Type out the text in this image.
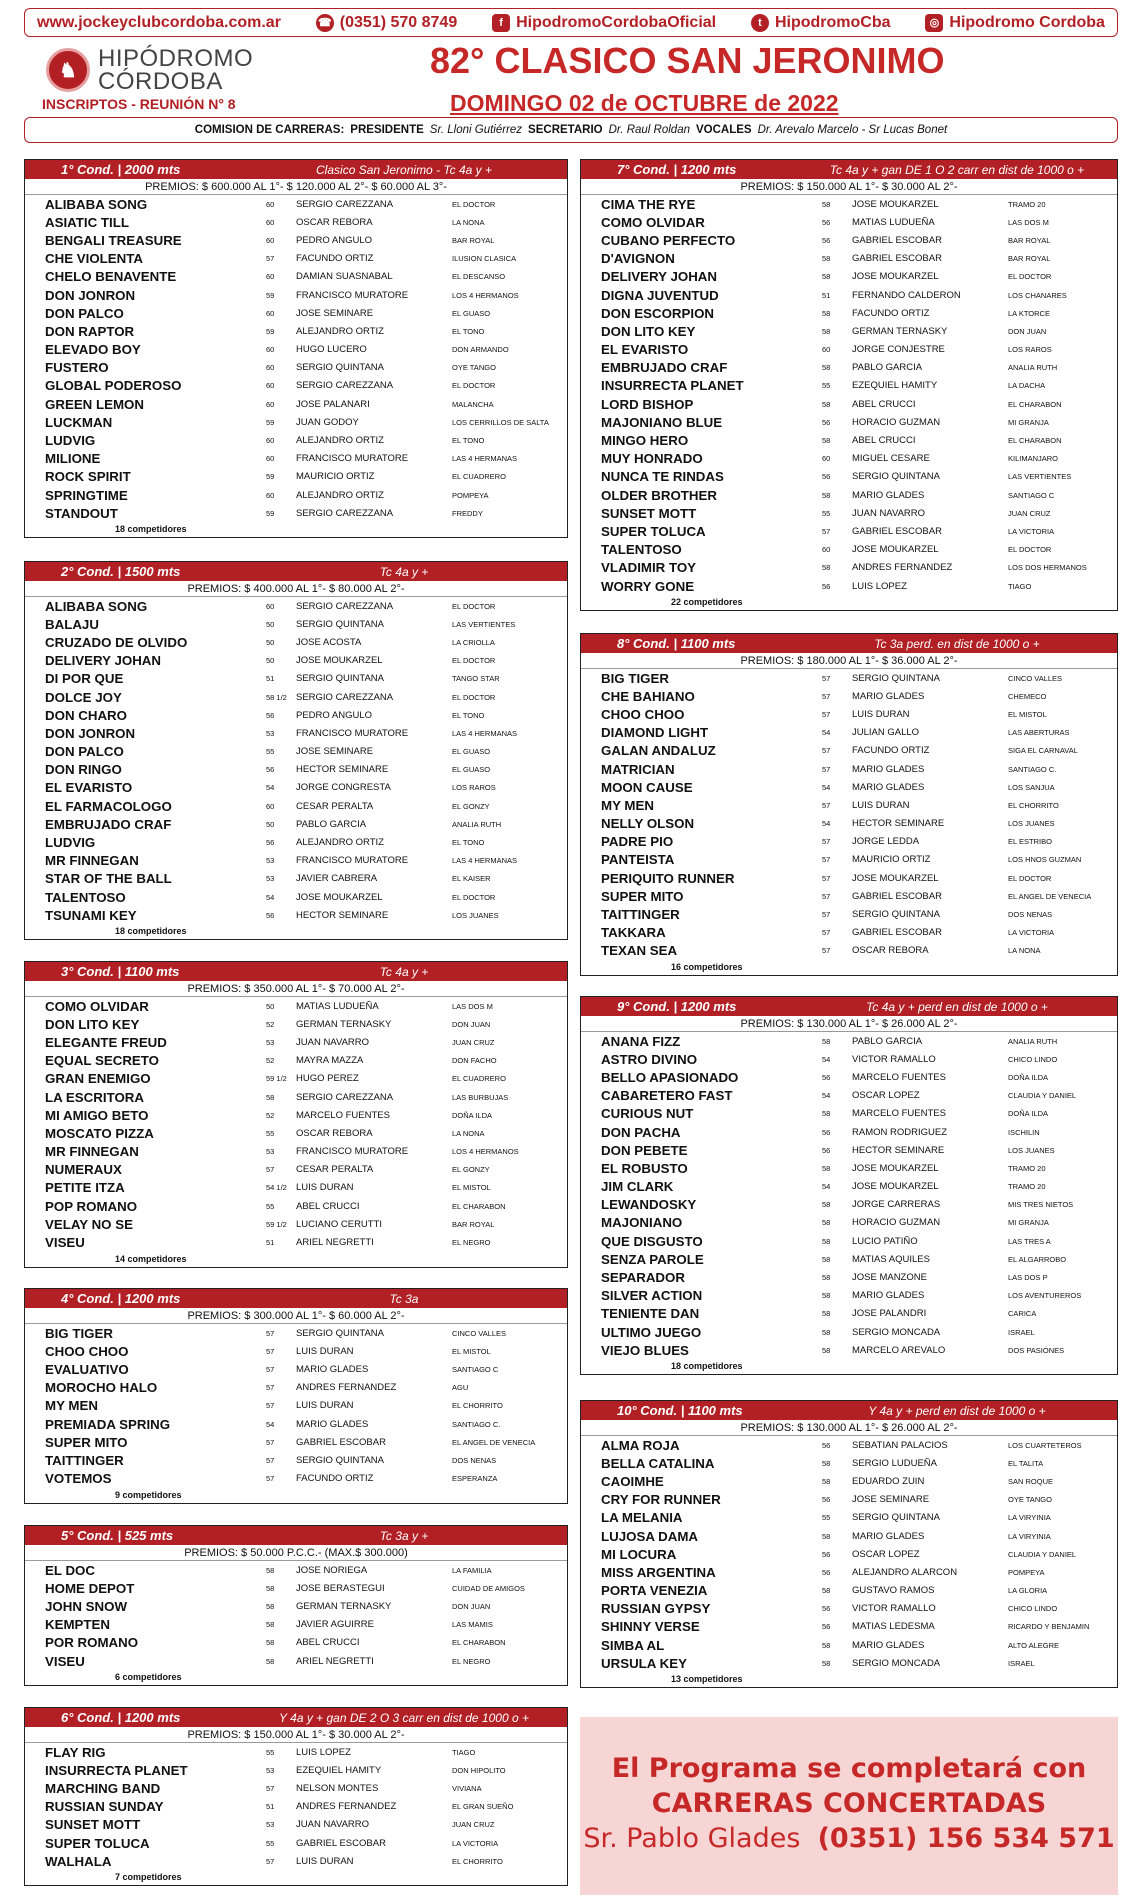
www.jockeyclubcordoba.com.ar	☎ (0351) 570 8749	f HipodromoCordobaOficial	t HipodromoCba	◎ Hipodromo Cordoba
♞ HIPÓDROMO
CÓRDOBA
INSCRIPTOS - REUNIÓN N° 8
82° CLASICO SAN JERONIMO
DOMINGO 02 de OCTUBRE de 2022
COMISION DE CARRERAS: PRESIDENTE Sr. Lloni Gutiérrez SECRETARIO Dr. Raul Roldan VOCALES Dr. Arevalo Marcelo - Sr Lucas Bonet
1° Cond. | 2000 mts	Clasico San Jeronimo - Tc 4a y +
PREMIOS: $ 600.000 AL 1°- $ 120.000 AL 2°- $ 60.000 AL 3°-
ALIBABA SONG	60	SERGIO CAREZZANA	EL DOCTOR
ASIATIC TILL	60	OSCAR REBORA	LA NONA
BENGALI TREASURE	60	PEDRO ANGULO	BAR ROYAL
CHE VIOLENTA	57	FACUNDO ORTIZ	ILUSION CLASICA
CHELO BENAVENTE	60	DAMIAN SUASNABAL	EL DESCANSO
DON JONRON	59	FRANCISCO MURATORE	LOS 4 HERMANOS
DON PALCO	60	JOSE SEMINARE	EL GUASO
DON RAPTOR	59	ALEJANDRO ORTIZ	EL TONO
ELEVADO BOY	60	HUGO LUCERO	DON ARMANDO
FUSTERO	60	SERGIO QUINTANA	OYE TANGO
GLOBAL PODEROSO	60	SERGIO CAREZZANA	EL DOCTOR
GREEN LEMON	60	JOSE PALANARI	MALANCHA
LUCKMAN	59	JUAN GODOY	LOS CERRILLOS DE SALTA
LUDVIG	60	ALEJANDRO ORTIZ	EL TONO
MILIONE	60	FRANCISCO MURATORE	LAS 4 HERMANAS
ROCK SPIRIT	59	MAURICIO ORTIZ	EL CUADRERO
SPRINGTIME	60	ALEJANDRO ORTIZ	POMPEYA
STANDOUT	59	SERGIO CAREZZANA	FREDDY
18 competidores
2° Cond. | 1500 mts	Tc 4a y +
PREMIOS: $ 400.000 AL 1°- $ 80.000 AL 2°-
ALIBABA SONG	60	SERGIO CAREZZANA	EL DOCTOR
BALAJU	50	SERGIO QUINTANA	LAS VERTIENTES
CRUZADO DE OLVIDO	50	JOSE ACOSTA	LA CRIOLLA
DELIVERY JOHAN	50	JOSE MOUKARZEL	EL DOCTOR
DI POR QUE	51	SERGIO QUINTANA	TANGO STAR
DOLCE JOY	58 1/2 SERGIO CAREZZANA	EL DOCTOR
DON CHARO	56	PEDRO ANGULO	EL TONO
DON JONRON	53	FRANCISCO MURATORE	LAS 4 HERMANAS
DON PALCO	55	JOSE SEMINARE	EL GUASO
DON RINGO	56	HECTOR SEMINARE	EL GUASO
EL EVARISTO	54	JORGE CONGRESTA	LOS RAROS
EL FARMACOLOGO	60	CESAR PERALTA	EL GONZY
EMBRUJADO CRAF	50	PABLO GARCIA	ANALIA RUTH
LUDVIG	56	ALEJANDRO ORTIZ	EL TONO
MR FINNEGAN	53	FRANCISCO MURATORE	LAS 4 HERMANAS
STAR OF THE BALL	53	JAVIER CABRERA	EL KAISER
TALENTOSO	54	JOSE MOUKARZEL	EL DOCTOR
TSUNAMI KEY	56	HECTOR SEMINARE	LOS JUANES
18 competidores
3° Cond. | 1100 mts	Tc 4a y +
PREMIOS: $ 350.000 AL 1°- $ 70.000 AL 2°-
COMO OLVIDAR	50	MATIAS LUDUEÑA	LAS DOS M
DON LITO KEY	52	GERMAN TERNASKY	DON JUAN
ELEGANTE FREUD	53	JUAN NAVARRO	JUAN CRUZ
EQUAL SECRETO	52	MAYRA MAZZA	DON FACHO
GRAN ENEMIGO	59 1/2 HUGO PEREZ	EL CUADRERO
LA ESCRITORA	58	SERGIO CAREZZANA	LAS BURBUJAS
MI AMIGO BETO	52	MARCELO FUENTES	DOÑA ILDA
MOSCATO PIZZA	55	OSCAR REBORA	LA NONA
MR FINNEGAN	53	FRANCISCO MURATORE	LOS 4 HERMANOS
NUMERAUX	57	CESAR PERALTA	EL GONZY
PETITE ITZA	54 1/2 LUIS DURAN	EL MISTOL
POP ROMANO	55	ABEL CRUCCI	EL CHARABON
VELAY NO SE	59 1/2 LUCIANO CERUTTI	BAR ROYAL
VISEU	51	ARIEL NEGRETTI	EL NEGRO
14 competidores
4° Cond. | 1200 mts	Tc 3a
PREMIOS: $ 300.000 AL 1°- $ 60.000 AL 2°-
BIG TIGER	57	SERGIO QUINTANA	CINCO VALLES
CHOO CHOO	57	LUIS DURAN	EL MISTOL
EVALUATIVO	57	MARIO GLADES	SANTIAGO C
MOROCHO HALO	57	ANDRES FERNANDEZ	AGU
MY MEN	57	LUIS DURAN	EL CHORRITO
PREMIADA SPRING	54	MARIO GLADES	SANTIAGO C.
SUPER MITO	57	GABRIEL ESCOBAR	EL ANGEL DE VENECIA
TAITTINGER	57	SERGIO QUINTANA	DOS NENAS
VOTEMOS	57	FACUNDO ORTIZ	ESPERANZA
9 competidores
5° Cond. | 525 mts	Tc 3a y +
PREMIOS: $ 50.000 P.C.C.- (MAX.$ 300.000)
EL DOC	58	JOSE NORIEGA	LA FAMILIA
HOME DEPOT	58	JOSE BERASTEGUI	CUIDAD DE AMIGOS
JOHN SNOW	58	GERMAN TERNASKY	DON JUAN
KEMPTEN	58	JAVIER AGUIRRE	LAS MAMIS
POR ROMANO	58	ABEL CRUCCI	EL CHARABON
VISEU	58	ARIEL NEGRETTI	EL NEGRO
6 competidores
6° Cond. | 1200 mts	Y 4a y + gan DE 2 O 3 carr en dist de 1000 o +
PREMIOS: $ 150.000 AL 1°- $ 30.000 AL 2°-
FLAY RIG	55	LUIS LOPEZ	TIAGO
INSURRECTA PLANET	53	EZEQUIEL HAMITY	DON HIPOLITO
MARCHING BAND	57	NELSON MONTES	VIVIANA
RUSSIAN SUNDAY	51	ANDRES FERNANDEZ	EL GRAN SUEÑO
SUNSET MOTT	53	JUAN NAVARRO	JUAN CRUZ
SUPER TOLUCA	55	GABRIEL ESCOBAR	LA VICTORIA
WALHALA	57	LUIS DURAN	EL CHORRITO
7 competidores
7° Cond. | 1200 mts	Tc 4a y + gan DE 1 O 2 carr en dist de 1000 o +
PREMIOS: $ 150.000 AL 1°- $ 30.000 AL 2°-
CIMA THE RYE	58	JOSE MOUKARZEL	TRAMO 20
COMO OLVIDAR	56	MATIAS LUDUEÑA	LAS DOS M
CUBANO PERFECTO	56	GABRIEL ESCOBAR	BAR ROYAL
D'AVIGNON	58	GABRIEL ESCOBAR	BAR ROYAL
DELIVERY JOHAN	58	JOSE MOUKARZEL	EL DOCTOR
DIGNA JUVENTUD	51	FERNANDO CALDERON	LOS CHANARES
DON ESCORPION	58	FACUNDO ORTIZ	LA KTORCE
DON LITO KEY	58	GERMAN TERNASKY	DON JUAN
EL EVARISTO	60	JORGE CONJESTRE	LOS RAROS
EMBRUJADO CRAF	58	PABLO GARCIA	ANALIA RUTH
INSURRECTA PLANET	55	EZEQUIEL HAMITY	LA DACHA
LORD BISHOP	58	ABEL CRUCCI	EL CHARABON
MAJONIANO BLUE	56	HORACIO GUZMAN	MI GRANJA
MINGO HERO	58	ABEL CRUCCI	EL CHARABON
MUY HONRADO	60	MIGUEL CESARE	KILIMANJARO
NUNCA TE RINDAS	56	SERGIO QUINTANA	LAS VERTIENTES
OLDER BROTHER	58	MARIO GLADES	SANTIAGO C
SUNSET MOTT	55	JUAN NAVARRO	JUAN CRUZ
SUPER TOLUCA	57	GABRIEL ESCOBAR	LA VICTORIA
TALENTOSO	60	JOSE MOUKARZEL	EL DOCTOR
VLADIMIR TOY	58	ANDRES FERNANDEZ	LOS DOS HERMANOS
WORRY GONE	56	LUIS LOPEZ	TIAGO
22 competidores
8° Cond. | 1100 mts	Tc 3a perd. en dist de 1000 o +
PREMIOS: $ 180.000 AL 1°- $ 36.000 AL 2°-
BIG TIGER	57	SERGIO QUINTANA	CINCO VALLES
CHE BAHIANO	57	MARIO GLADES	CHEMECO
CHOO CHOO	57	LUIS DURAN	EL MISTOL
DIAMOND LIGHT	54	JULIAN GALLO	LAS ABERTURAS
GALAN ANDALUZ	57	FACUNDO ORTIZ	SIGA EL CARNAVAL
MATRICIAN	57	MARIO GLADES	SANTIAGO C.
MOON CAUSE	54	MARIO GLADES	LOS SANJUA
MY MEN	57	LUIS DURAN	EL CHORRITO
NELLY OLSON	54	HECTOR SEMINARE	LOS JUANES
PADRE PIO	57	JORGE LEDDA	EL ESTRIBO
PANTEISTA	57	MAURICIO ORTIZ	LOS HNOS GUZMAN
PERIQUITO RUNNER	57	JOSE MOUKARZEL	EL DOCTOR
SUPER MITO	57	GABRIEL ESCOBAR	EL ANGEL DE VENECIA
TAITTINGER	57	SERGIO QUINTANA	DOS NENAS
TAKKARA	57	GABRIEL ESCOBAR	LA VICTORIA
TEXAN SEA	57	OSCAR REBORA	LA NONA
16 competidores
9° Cond. | 1200 mts	Tc 4a y + perd en dist de 1000 o +
PREMIOS: $ 130.000 AL 1°- $ 26.000 AL 2°-
ANANA FIZZ	58	PABLO GARCIA	ANALIA RUTH
ASTRO DIVINO	54	VICTOR RAMALLO	CHICO LINDO
BELLO APASIONADO	56	MARCELO FUENTES	DOÑA ILDA
CABARETERO FAST	54	OSCAR LOPEZ	CLAUDIA Y DANIEL
CURIOUS NUT	58	MARCELO FUENTES	DOÑA ILDA
DON PACHA	56	RAMON RODRIGUEZ	ISCHILIN
DON PEBETE	56	HECTOR SEMINARE	LOS JUANES
EL ROBUSTO	58	JOSE MOUKARZEL	TRAMO 20
JIM CLARK	54	JOSE MOUKARZEL	TRAMO 20
LEWANDOSKY	58	JORGE CARRERAS	MIS TRES NIETOS
MAJONIANO	58	HORACIO GUZMAN	MI GRANJA
QUE DISGUSTO	58	LUCIO PATIÑO	LAS TRES A
SENZA PAROLE	58	MATIAS AQUILES	EL ALGARROBO
SEPARADOR	58	JOSE MANZONE	LAS DOS P
SILVER ACTION	58	MARIO GLADES	LOS AVENTUREROS
TENIENTE DAN	58	JOSE PALANDRI	CARICA
ULTIMO JUEGO	58	SERGIO MONCADA	ISRAEL
VIEJO BLUES	58	MARCELO AREVALO	DOS PASIONES
18 competidores
10° Cond. | 1100 mts	Y 4a y + perd en dist de 1000 o +
PREMIOS: $ 130.000 AL 1°- $ 26.000 AL 2°-
ALMA ROJA	56	SEBATIAN PALACIOS	LOS CUARTETEROS
BELLA CATALINA	58	SERGIO LUDUEÑA	EL TALITA
CAOIMHE	58	EDUARDO ZUIN	SAN ROQUE
CRY FOR RUNNER	56	JOSE SEMINARE	OYE TANGO
LA MELANIA	55	SERGIO QUINTANA	LA VIRYINIA
LUJOSA DAMA	58	MARIO GLADES	LA VIRYINIA
MI LOCURA	56	OSCAR LOPEZ	CLAUDIA Y DANIEL
MISS ARGENTINA	56	ALEJANDRO ALARCON	POMPEYA
PORTA VENEZIA	58	GUSTAVO RAMOS	LA GLORIA
RUSSIAN GYPSY	56	VICTOR RAMALLO	CHICO LINDO
SHINNY VERSE	56	MATIAS LEDESMA	RICARDO Y BENJAMIN
SIMBA AL	58	MARIO GLADES	ALTO ALEGRE
URSULA KEY	58	SERGIO MONCADA	ISRAEL
13 competidores
El Programa se completará con
CARRERAS CONCERTADAS
Sr. Pablo Glades (0351) 156 534 571
